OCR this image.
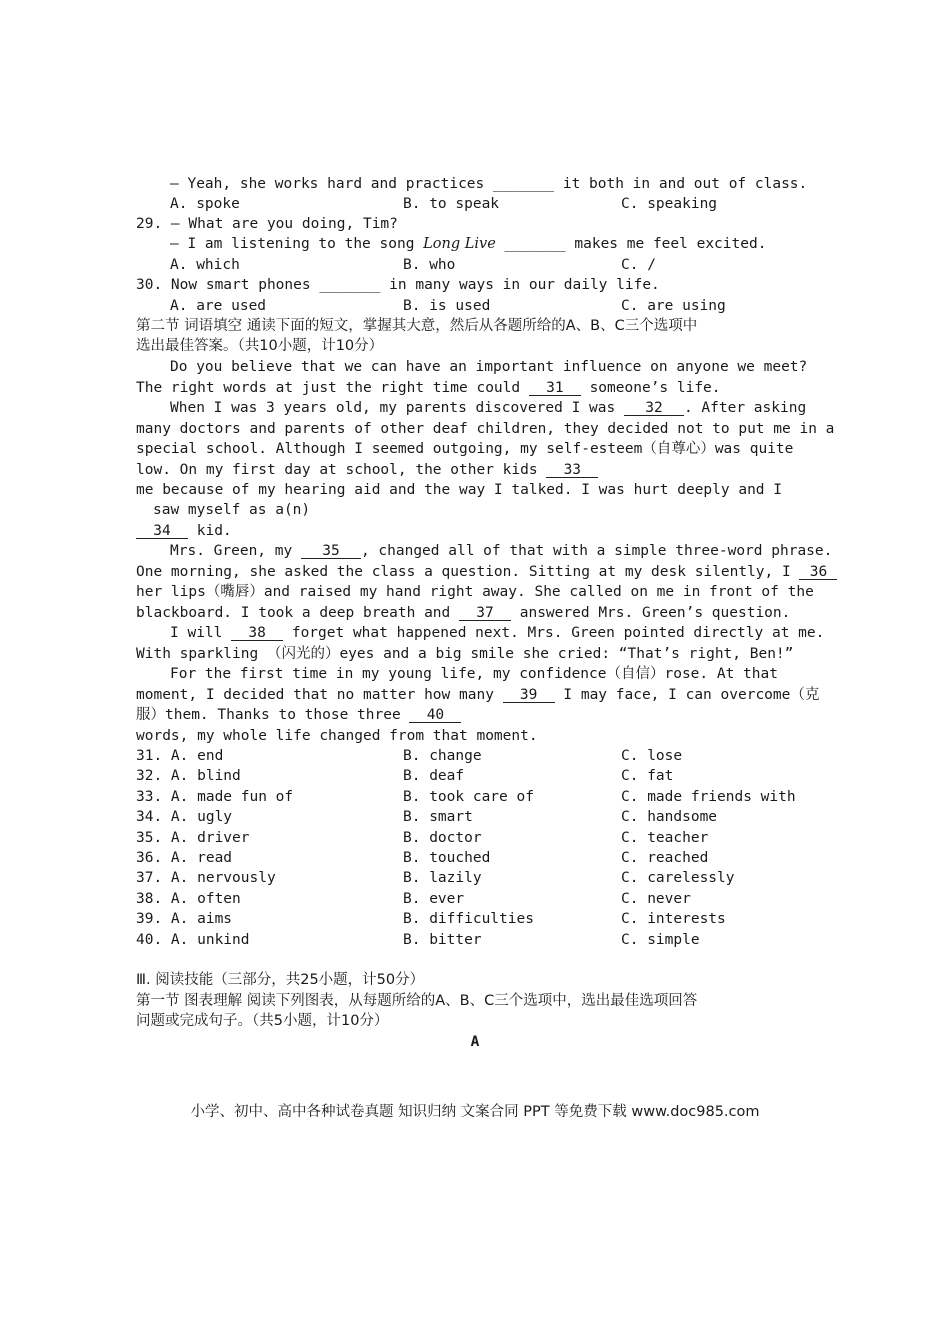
— Yeah, she works hard and practices _______ it both in and out of class.
A. spoke	B. to speak	C. speaking
29. — What are you doing, Tim?
— I am listening to the song Long Live _______ makes me feel excited.
A. which	B. who	C. /
30. Now smart phones _______ in many ways in our daily life.
A. are used	B. is used	C. are using
第二节 词语填空 通读下面的短文，掌握其大意，然后从各题所给的A、B、C三个选项中
选出最佳答案。（共10小题，计10分）
Do you believe that we can have an important influence on anyone we meet?
The right words at just the right time could 31 someone’s life.
When I was 3 years old, my parents discovered I was 32 . After asking
many doctors and parents of other deaf children, they decided not to put me in a
special school. Although I seemed outgoing, my self-esteem（自尊心）was quite
low. On my first day at school, the other kids 33
me because of my hearing aid and the way I talked. I was hurt deeply and I
saw myself as a(n)
34 kid.
Mrs. Green, my 35 , changed all of that with a simple three-word phrase.
One morning, she asked the class a question. Sitting at my desk silently, I 36
her lips（嘴唇）and raised my hand right away. She called on me in front of the
blackboard. I took a deep breath and 37 answered Mrs. Green’s question.
I will 38 forget what happened next. Mrs. Green pointed directly at me.
With sparkling （闪光的）eyes and a big smile she cried: “That’s right, Ben!”
For the first time in my young life, my confidence（自信）rose. At that
moment, I decided that no matter how many 39 I may face, I can overcome（克
服）them. Thanks to those three 40
words, my whole life changed from that moment.
31. A. end	B. change	C. lose
32. A. blind	B. deaf	C. fat
33. A. made fun of	B. took care of	C. made friends with
34. A. ugly	B. smart	C. handsome
35. A. driver	B. doctor	C. teacher
36. A. read	B. touched	C. reached
37. A. nervously	B. lazily	C. carelessly
38. A. often	B. ever	C. never
39. A. aims	B. difficulties	C. interests
40. A. unkind	B. bitter	C. simple
Ⅲ. 阅读技能（三部分，共25小题，计50分）
第一节 图表理解 阅读下列图表，从每题所给的A、B、C三个选项中，选出最佳选项回答
问题或完成句子。（共5小题，计10分）
A
小学、初中、高中各种试卷真题 知识归纳 文案合同 PPT 等免费下载 www.doc985.com
